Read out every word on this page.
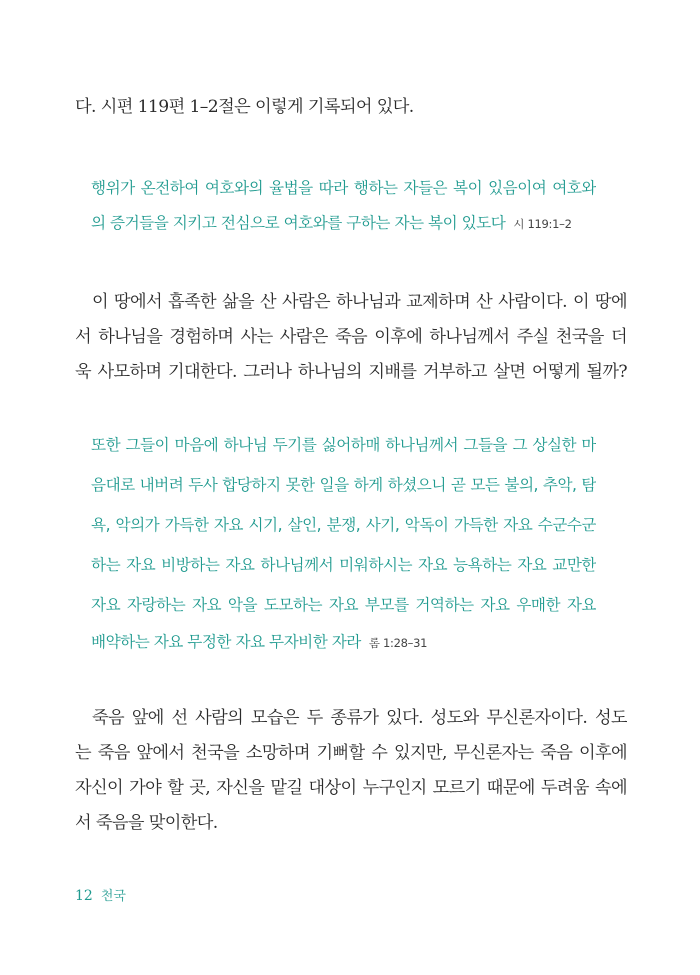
다. 시편 119편 1–2절은 이렇게 기록되어 있다.
행위가 온전하여 여호와의 율법을 따라 행하는 자들은 복이 있음이여 여호와
의 증거들을 지키고 전심으로 여호와를 구하는 자는 복이 있도다 시 119:1–2
이 땅에서 흡족한 삶을 산 사람은 하나님과 교제하며 산 사람이다. 이 땅에
서 하나님을 경험하며 사는 사람은 죽음 이후에 하나님께서 주실 천국을 더
욱 사모하며 기대한다. 그러나 하나님의 지배를 거부하고 살면 어떻게 될까?
또한 그들이 마음에 하나님 두기를 싫어하매 하나님께서 그들을 그 상실한 마
음대로 내버려 두사 합당하지 못한 일을 하게 하셨으니 곧 모든 불의, 추악, 탐
욕, 악의가 가득한 자요 시기, 살인, 분쟁, 사기, 악독이 가득한 자요 수군수군
하는 자요 비방하는 자요 하나님께서 미워하시는 자요 능욕하는 자요 교만한
자요 자랑하는 자요 악을 도모하는 자요 부모를 거역하는 자요 우매한 자요
배약하는 자요 무정한 자요 무자비한 자라 롬 1:28–31
죽음 앞에 선 사람의 모습은 두 종류가 있다. 성도와 무신론자이다. 성도
는 죽음 앞에서 천국을 소망하며 기뻐할 수 있지만, 무신론자는 죽음 이후에
자신이 가야 할 곳, 자신을 맡길 대상이 누구인지 모르기 때문에 두려움 속에
서 죽음을 맞이한다.
12 천국
